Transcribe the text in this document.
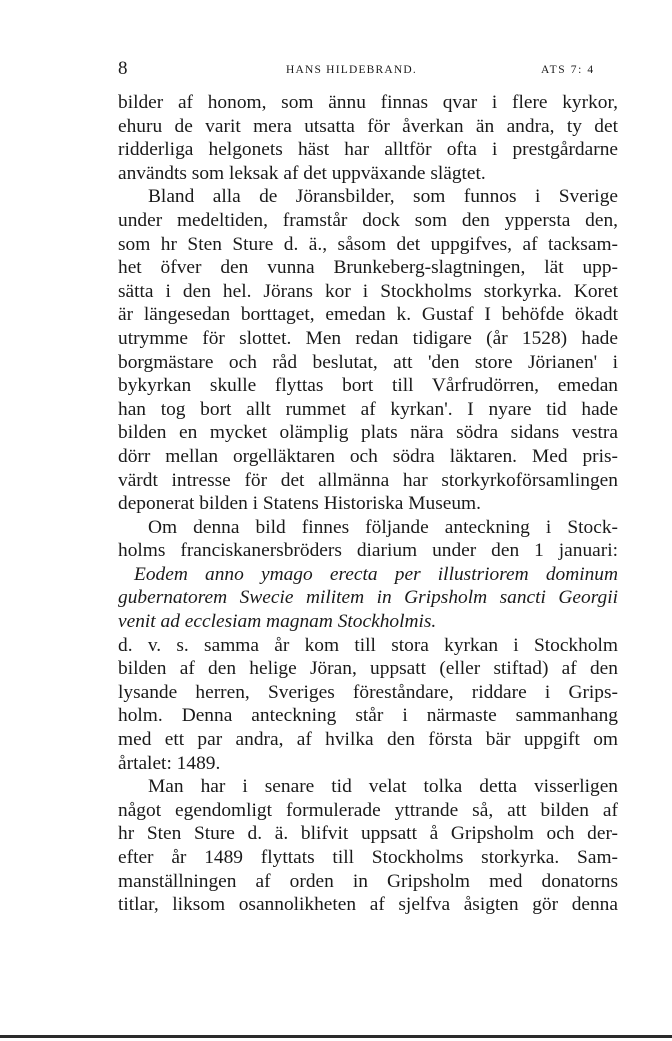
8	HANS HILDEBRAND.	ATS 7: 4
bilder af honom, som ännu finnas qvar i flere kyrkor,
ehuru de varit mera utsatta för åverkan än andra, ty det
ridderliga helgonets häst har alltför ofta i prestgårdarne
användts som leksak af det uppväxande slägtet.
Bland alla de Jöransbilder, som funnos i Sverige
under medeltiden, framstår dock som den yppersta den,
som hr Sten Sture d. ä., såsom det uppgifves, af tacksam-
het öfver den vunna Brunkeberg-slagtningen, lät upp-
sätta i den hel. Jörans kor i Stockholms storkyrka. Koret
är längesedan borttaget, emedan k. Gustaf I behöfde ökadt
utrymme för slottet. Men redan tidigare (år 1528) hade
borgmästare och råd beslutat, att 'den store Jörianen' i
bykyrkan skulle flyttas bort till Vårfrudörren, emedan
han tog bort allt rummet af kyrkan'. I nyare tid hade
bilden en mycket olämplig plats nära södra sidans vestra
dörr mellan orgelläktaren och södra läktaren. Med pris-
värdt intresse för det allmänna har storkyrkoförsamlingen
deponerat bilden i Statens Historiska Museum.
Om denna bild finnes följande anteckning i Stock-
holms franciskanersbröders diarium under den 1 januari:
Eodem anno ymago erecta per illustriorem dominum
gubernatorem Swecie militem in Gripsholm sancti Georgii
venit ad ecclesiam magnam Stockholmis.
d. v. s. samma år kom till stora kyrkan i Stockholm
bilden af den helige Jöran, uppsatt (eller stiftad) af den
lysande herren, Sveriges föreståndare, riddare i Grips-
holm. Denna anteckning står i närmaste sammanhang
med ett par andra, af hvilka den första bär uppgift om
årtalet: 1489.
Man har i senare tid velat tolka detta visserligen
något egendomligt formulerade yttrande så, att bilden af
hr Sten Sture d. ä. blifvit uppsatt å Gripsholm och der-
efter år 1489 flyttats till Stockholms storkyrka. Sam-
manställningen af orden in Gripsholm med donatorns
titlar, liksom osannolikheten af sjelfva åsigten gör denna
